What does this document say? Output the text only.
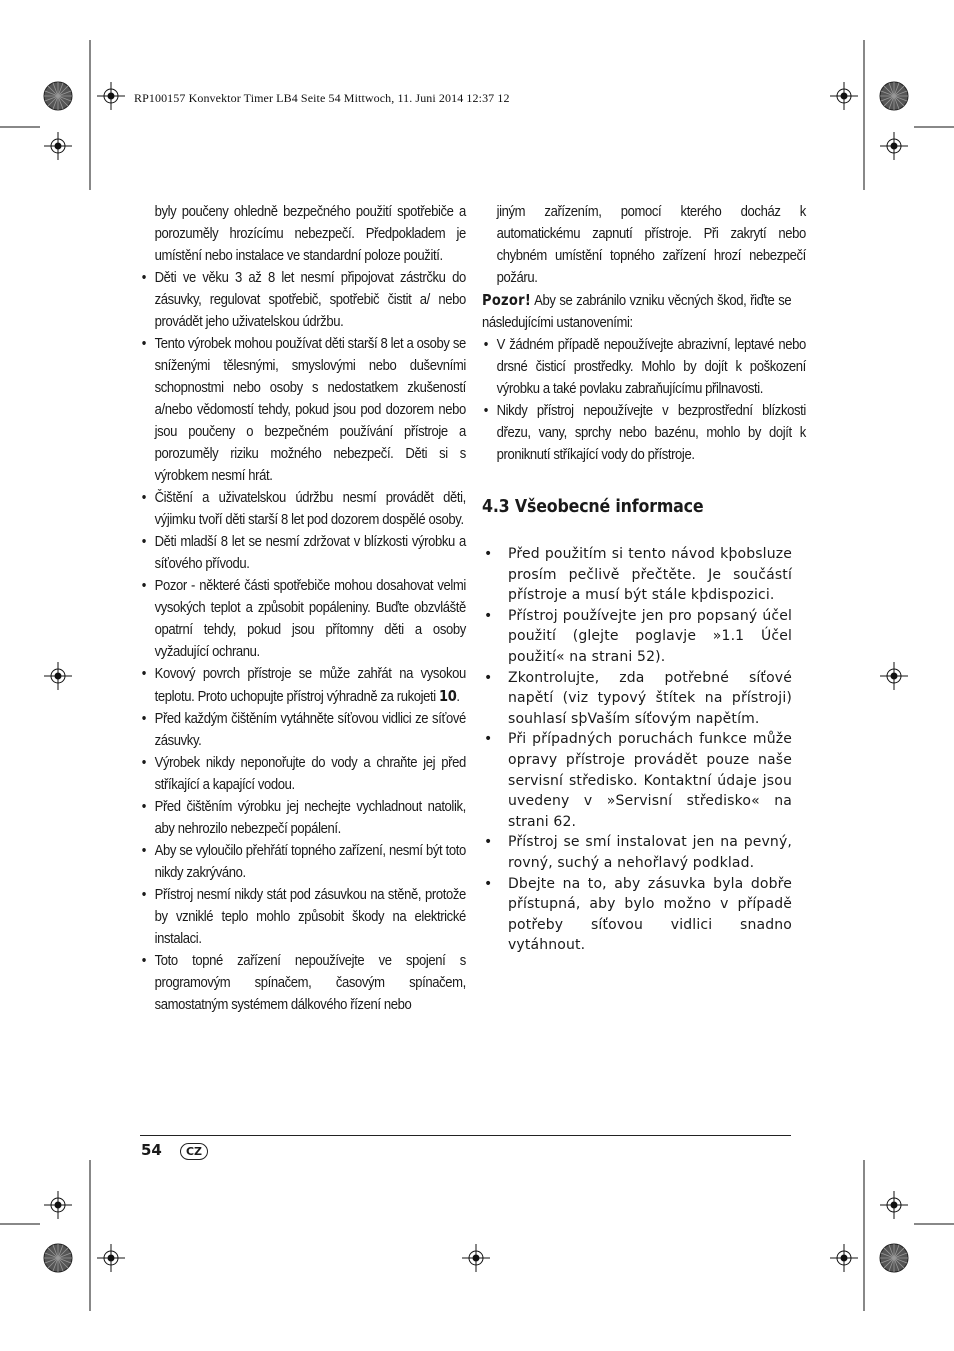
RP100157 Konvektor Timer LB4 Seite 54 Mittwoch, 11. Juni 2014 12:37 12

byly poučeny ohledně bezpečného použití spotřebiče a porozuměly hrozícímu nebezpečí. Předpokladem je umístění nebo instalace ve standardní poloze použití.

• Děti ve věku 3 až 8 let nesmí připojovat zástrčku do zásuvky, regulovat spotřebič, spotřebič čistit a/ nebo provádět jeho uživatelskou údržbu.
• Tento výrobek mohou používat děti starší 8 let a osoby se sníženými tělesnými, smyslovými nebo duševními schopnostmi nebo osoby s nedostatkem zkušeností a/nebo vědomostí tehdy, pokud jsou pod dozorem nebo jsou poučeny o bezpečném používání přístroje a porozuměly riziku možného nebezpečí. Děti si s výrobkem nesmí hrát.
• Čištění a uživatelskou údržbu nesmí provádět děti, výjimku tvoří děti starší 8 let pod dozorem dospělé osoby.
• Děti mladší 8 let se nesmí zdržovat v blízkosti výrobku a síťového přívodu.
• Pozor - některé části spotřebiče mohou dosahovat velmi vysokých teplot a způsobit popáleniny. Buďte obzvláště opatrní tehdy, pokud jsou přítomny děti a osoby vyžadující ochranu.
• Kovový povrch přístroje se může zahřát na vysokou teplotu. Proto uchopujte přístroj výhradně za rukojeti 10.
• Před každým čištěním vytáhněte síťovou vidlici ze síťové zásuvky.
• Výrobek nikdy neponořujte do vody a chraňte jej před stříkající a kapající vodou.
• Před čištěním výrobku jej nechejte vychladnout natolik, aby nehrozilo nebezpečí popálení.
• Aby se vyloučilo přehřátí topného zařízení, nesmí být toto nikdy zakrýváno.
• Přístroj nesmí nikdy stát pod zásuvkou na stěně, protože by vzniklé teplo mohlo způsobit škody na elektrické instalaci.
• Toto topné zařízení nepoužívejte ve spojení s programovým spínačem, časovým spínačem, samostatným systémem dálkového řízení nebo

jiným zařízením, pomocí kterého docház k automatickému zapnutí přístroje. Při zakrytí nebo chybném umístění topného zařízení hrozí nebezpečí požáru.

Pozor! Aby se zabránilo vzniku věcných škod, řiďte se následujícími ustanoveními:

• V žádném případě nepoužívejte abrazivní, leptavé nebo drsné čisticí prostředky. Mohlo by dojít k poškození výrobku a také povlaku zabraňujícímu přilnavosti.
• Nikdy přístroj nepoužívejte v bezprostřední blízkosti dřezu, vany, sprchy nebo bazénu, mohlo by dojít k proniknutí stříkající vody do přístroje.
4.3 Všeobecné informace
• Před použitím si tento návod kþobsluze prosím pečlivě přečtěte. Je součástí přístroje a musí být stále kþdispozici.
• Přístroj používejte jen pro popsaný účel použití (glejte poglavje »1.1 Účel použití« na strani 52).
• Zkontrolujte, zda potřebné síťové napětí (viz typový štítek na přístroji) souhlasí sþVaším síťovým napětím.
• Při případných poruchách funkce může opravy přístroje provádět pouze naše servisní středisko. Kontaktní údaje jsou uvedeny v »Servisní středisko« na strani 62.
• Přístroj se smí instalovat jen na pevný, rovný, suchý a nehořlavý podklad.
• Dbejte na to, aby zásuvka byla dobře přístupná, aby bylo možno v případě potřeby síťovou vidlici snadno vytáhnout.
54	CZ
